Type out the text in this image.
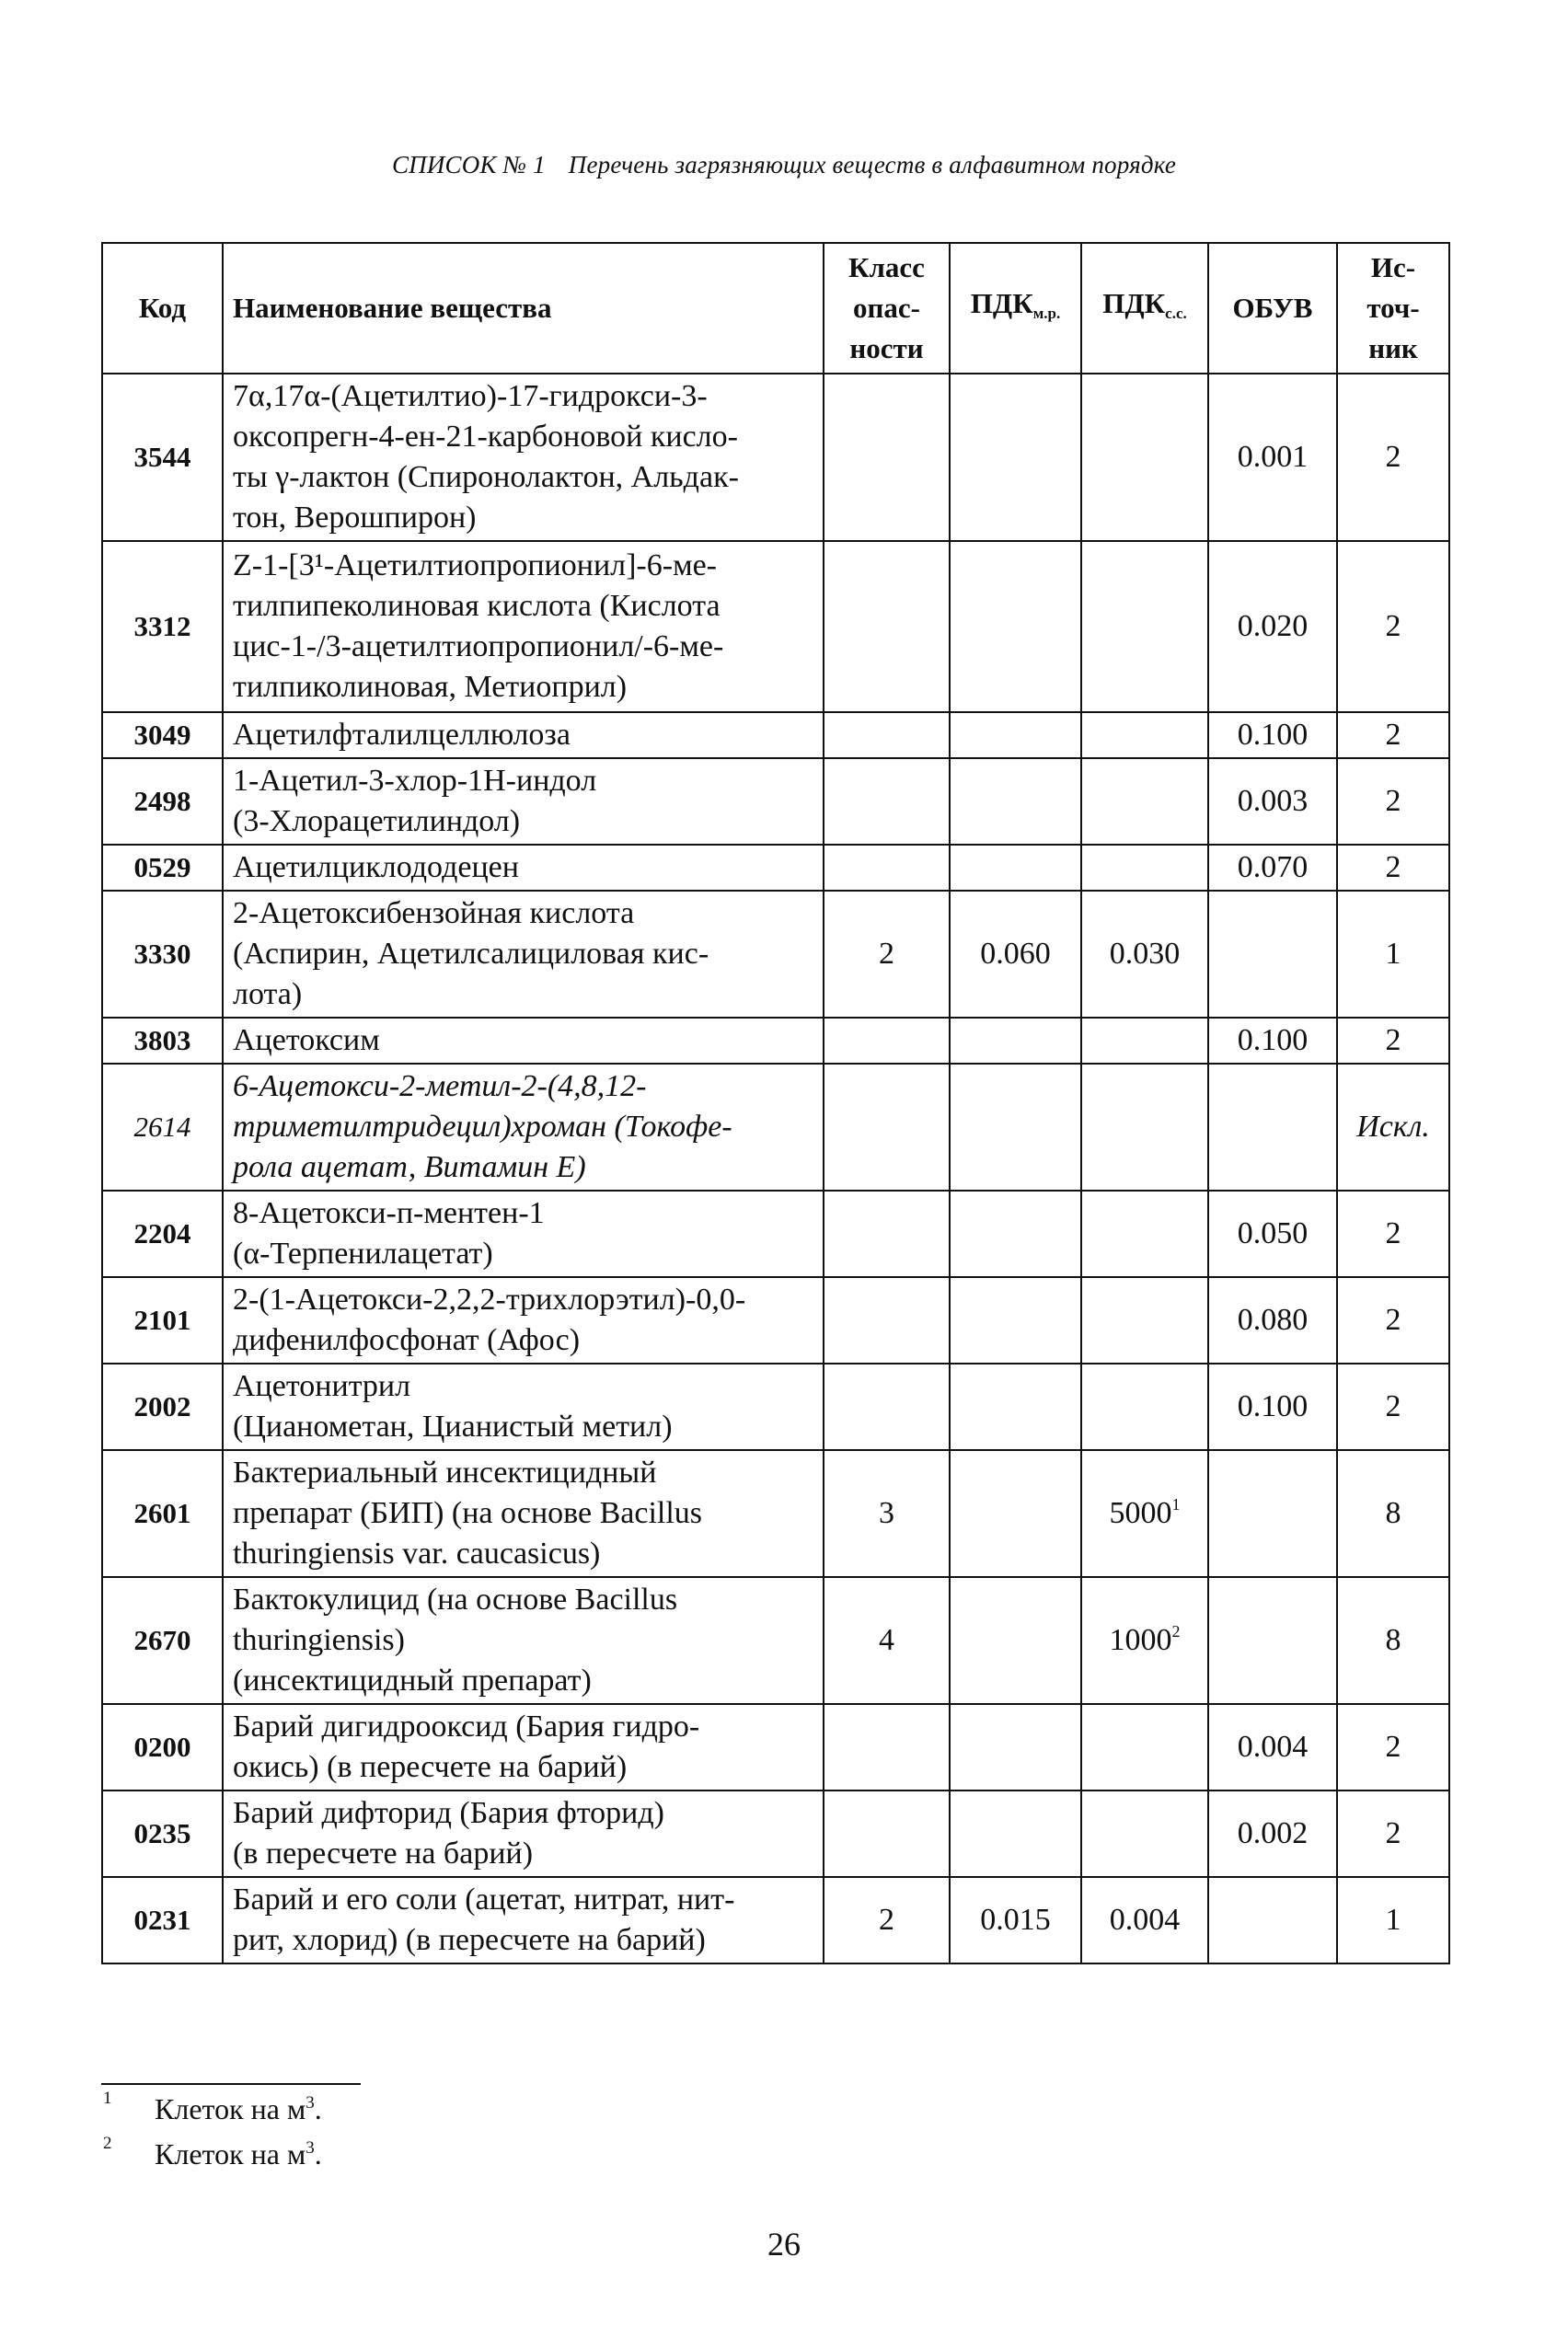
СПИСОК № 1 Перечень загрязняющих веществ в алфавитном порядке
Код	Наименование вещества	Класс
опас-
ности	$ПДК_{м.р.}$	$ПДК_{с.с.}$	ОБУВ	Ис-
точ-
ник
3544	7α,17α-(Ацетилтио)-17-гидрокси-3-
оксопрегн-4-ен-21-карбоновой кисло-
ты γ-лактон (Спиронолактон, Альдак-
тон, Верошпирон)				0.001	2
3312	Z-1-[3¹-Ацетилтиопропионил]-6-ме-
тилпипеколиновая кислота (Кислота
цис-1-/3-ацетилтиопропионил/-6-ме-
тилпиколиновая, Метиоприл)				0.020	2
3049	Ацетилфталилцеллюлоза				0.100	2
2498	1-Ацетил-3-хлор-1Н-индол
(3-Хлорацетилиндол)				0.003	2
0529	Ацетилциклододецен				0.070	2
3330	2-Ацетоксибензойная кислота
(Аспирин, Ацетилсалициловая кис-
лота)	2	0.060	0.030		1
3803	Ацетоксим				0.100	2
2614	6-Ацетокси-2-метил-2-(4,8,12-
триметилтридецил)хроман (Токофе-
рола ацетат, Витамин Е)					Искл.
2204	8-Ацетокси-п-ментен-1
(α-Терпенилацетат)				0.050	2
2101	2-(1-Ацетокси-2,2,2-трихлорэтил)-0,0-
дифенилфосфонат (Афос)				0.080	2
2002	Ацетонитрил
(Цианометан, Цианистый метил)				0.100	2
2601	Бактериальный инсектицидный
препарат (БИП) (на основе Bacillus
thuringiensis var. caucasicus)	3		5000$^1$		8
2670	Бактокулицид (на основе Bacillus
thuringiensis)
(инсектицидный препарат)	4		1000$^2$		8
0200	Барий дигидрооксид (Бария гидро-
окись) (в пересчете на барий)				0.004	2
0235	Барий дифторид (Бария фторид)
(в пересчете на барий)				0.002	2
0231	Барий и его соли (ацетат, нитрат, нит-
рит, хлорид) (в пересчете на барий)	2	0.015	0.004		1
1	Клеток на $м^3$.
2	Клеток на $м^3$.
26
